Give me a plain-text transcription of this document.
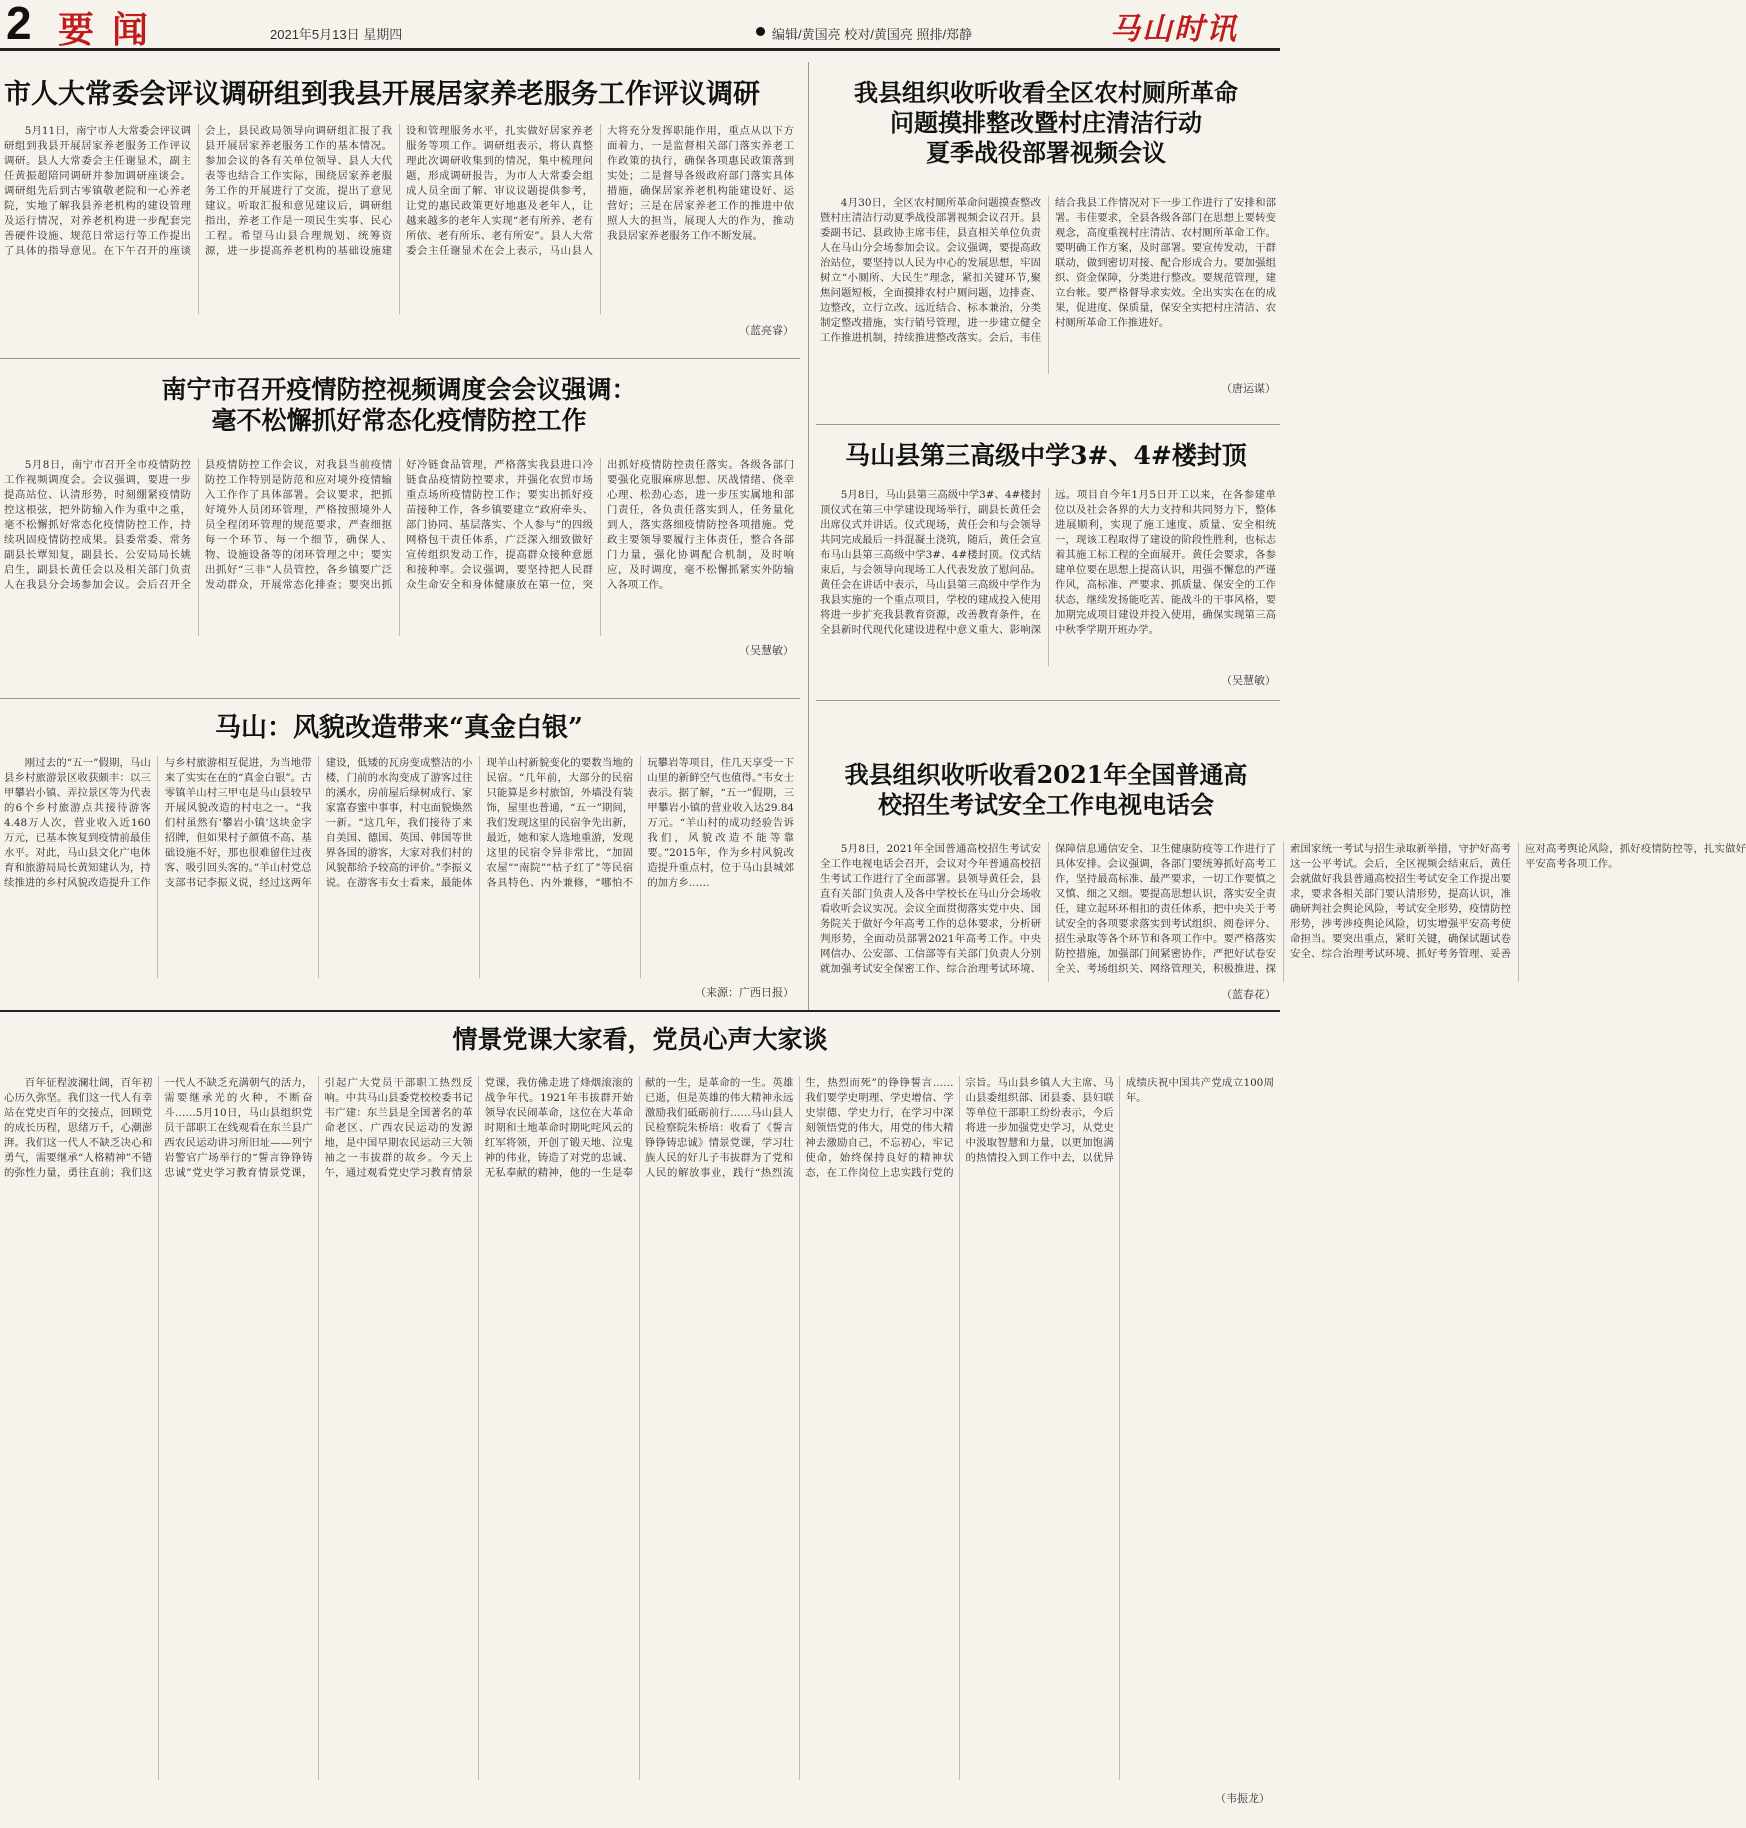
2 要闻	2021年5月13日 星期四	编辑/黄国亮 校对/黄国亮 照排/郑静	马山时讯
市人大常委会评议调研组到我县开展居家养老服务工作评议调研
5月11日，南宁市人大常委会评议调研组到我县开展居家养老服务工作评议调研。县人大常委会主任谢显术，副主任黄振超陪同调研并参加调研座谈会。调研组先后到古零镇敬老院和一心养老院，实地了解我县养老机构的建设管理及运行情况，对养老机构进一步配套完善硬件设施、规范日常运行等工作提出了具体的指导意见。在下午召开的座谈会上，县民政局领导向调研组汇报了我县开展居家养老服务工作的基本情况。参加会议的各有关单位领导、县人大代表等也结合工作实际，围绕居家养老服务工作的开展进行了交流，提出了意见建议。听取汇报和意见建议后，调研组指出，养老工作是一项民生实事、民心工程。希望马山县合理规划、统筹资源，进一步提高养老机构的基础设施建设和管理服务水平，扎实做好居家养老服务等项工作。调研组表示，将认真整理此次调研收集到的情况，集中梳理问题，形成调研报告，为市人大常委会组成人员全面了解、审议议题提供参考，让党的惠民政策更好地惠及老年人，让越来越多的老年人实现“老有所养、老有所依、老有所乐、老有所安”。县人大常委会主任谢显术在会上表示，马山县人大将充分发挥职能作用，重点从以下方面着力，一是监督相关部门落实养老工作政策的执行，确保各项惠民政策落到实处；二是督导各级政府部门落实具体措施，确保居家养老机构能建设好、运营好；三是在居家养老工作的推进中依照人大的担当，展现人大的作为，推动我县居家养老服务工作不断发展。
（蓝亮睿）
我县组织收听收看全区农村厕所革命
问题摸排整改暨村庄清洁行动
夏季战役部署视频会议
4月30日，全区农村厕所革命问题摸查整改暨村庄清洁行动夏季战役部署视频会议召开。县委副书记、县政协主席韦佳，县直相关单位负责人在马山分会场参加会议。会议强调，要提高政治站位，要坚持以人民为中心的发展思想，牢固树立“小厕所、大民生”理念，紧扣关键环节,聚焦问题短板，全面摸排农村户厕问题，边排查、边整改，立行立改、远近结合、标本兼治，分类制定整改措施，实行销号管理，进一步建立健全工作推进机制，持续推进整改落实。会后，韦佳结合我县工作情况对下一步工作进行了安排和部署。韦佳要求，全县各级各部门在思想上要转变观念，高度重视村庄清洁、农村厕所革命工作。要明确工作方案，及时部署。要宣传发动，干群联动，做到密切对接、配合形成合力。要加强组织、资金保障，分类进行整改。要规范管理，建立台帐。要严格督导求实效。全出实实在在的成果，促进度、保质量，保安全实把村庄清洁、农村厕所革命工作推进好。
（唐运谋）
南宁市召开疫情防控视频调度会会议强调：
毫不松懈抓好常态化疫情防控工作
5月8日，南宁市召开全市疫情防控工作视频调度会。会议强调，要进一步提高站位、认清形势，时刻绷紧疫情防控这根弦，把外防输入作为重中之重，毫不松懈抓好常态化疫情防控工作，持续巩固疫情防控成果。县委常委、常务副县长覃知复，副县长、公安局局长姚启生，副县长黄任会以及相关部门负责人在我县分会场参加会议。会后召开全县疫情防控工作会议，对我县当前疫情防控工作特别是防范和应对境外疫情输入工作作了具体部署。会议要求，把抓好境外人员闭环管理，严格按照境外人员全程闭环管理的规范要求，严查细抠每一个环节、每一个细节，确保人、物、设施设备等的闭环管理之中；要实出抓好“三非”人员管控，各乡镇要广泛发动群众，开展常态化排查；要突出抓好冷链食品管理，严格落实我县进口冷链食品疫情防控要求，并强化农贸市场重点场所疫情防控工作；要实出抓好疫苗接种工作，各乡镇要建立“政府牵头、部门协同、基层落实、个人参与”的四级网格包干责任体系，广泛深入细致做好宣传组织发动工作，提高群众接种意愿和接种率。会议强调，要坚持把人民群众生命安全和身体健康放在第一位，突出抓好疫情防控责任落实。各级各部门要强化克服麻痹思想、厌战情绪、侥幸心理、松劲心态，进一步压实属地和部门责任，各负责任落实到人，任务量化到人，落实落细疫情防控各项措施。党政主要领导要履行主体责任，整合各部门力量，强化协调配合机制，及时响应，及时调度，毫不松懈抓紧实外防输入各项工作。
（吴慧敏）
马山县第三高级中学3#、4#楼封顶
5月8日，马山县第三高级中学3#、4#楼封顶仪式在第三中学建设现场举行，副县长黄任会出席仪式并讲话。仪式现场，黄任会和与会领导共同完成最后一抖混凝土浇筑，随后，黄任会宣布马山县第三高级中学3#、4#楼封顶。仪式结束后，与会领导向现场工人代表发放了慰问品。黄任会在讲话中表示，马山县第三高级中学作为我县实施的一个重点项目，学校的建成投入使用将进一步扩充我县教育资源，改善教育条件，在全县新时代现代化建设进程中意义重大、影响深远。项目自今年1月5日开工以来，在各参建单位以及社会各界的大力支持和共同努力下，整体进展顺利，实现了施工速度、质量、安全相统一，现该工程取得了建设的阶段性胜利，也标志着其施工标工程的全面展开。黄任会要求，各参建单位要在思想上提高认识，用强不懈怠的严谨作风，高标准、严要求、抓质量、保安全的工作状态，继续发扬能吃苦、能战斗的干事风格，要加期完成项目建设并投入使用，确保实现第三高中秋季学期开班办学。
（吴慧敏）
马山：风貌改造带来“真金白银”
刚过去的“五一”假期，马山县乡村旅游景区收获颇丰：以三甲攀岩小镇、弄拉景区等为代表的6个乡村旅游点共接待游客4.48万人次，营业收入近160万元，已基本恢复到疫情前最佳水平。对此，马山县文化广电体育和旅游局局长黄知建认为，持续推进的乡村风貌改造提升工作与乡村旅游相互促进，为当地带来了实实在在的“真金白银”。古零镇羊山村三甲屯是马山县较早开展风貌改造的村屯之一。“我们村虽然有‘攀岩小镇’这块金字招牌，但如果村子颜值不高、基础设施不好，那也很难留住过夜客、吸引回头客的。”羊山村党总支部书记李振义说，经过这两年建设，低矮的瓦房变成整洁的小楼，门前的水沟变成了游客过往的溪水，房前屋后绿树成行、家家富春蜜中事事，村屯面貌焕然一新。“这几年，我们接待了来自美国、德国、英国、韩国等世界各国的游客，大家对我们村的风貌都给予较高的评价。”李振义说。在游客韦女士看来，最能体现羊山村新貌变化的要数当地的民宿。“几年前，大部分的民宿只能算是乡村旅馆，外墙没有装饰，屋里也普通，“五一”期间，我们发现这里的民宿争先出新，最近，她和家人选地重游，发现这里的民宿令异非常比，“加固农屋”“南院”“枯子红了”等民宿各具特色、内外兼修，“哪怕不玩攀岩等项目，住几天享受一下山里的新鲜空气也值得。”韦女士表示。据了解，“五一”假期，三甲攀岩小镇的营业收入达29.84万元。“羊山村的成功经验告诉我们，风貌改造不能等靠要。”2015年，作为乡村风貌改造提升重点村，位于马山县城郊的加方乡……
（来源：广西日报）
我县组织收听收看2021年全国普通高
校招生考试安全工作电视电话会
5月8日，2021年全国普通高校招生考试安全工作电视电话会召开，会议对今年普通高校招生考试工作进行了全面部署。县领导黄任会，县直有关部门负责人及各中学校长在马山分会场收看收听会议实况。会议全面贯彻落实党中央、国务院关于做好今年高考工作的总体要求，分析研判形势，全面动员部署2021年高考工作。中央网信办、公安部、工信部等有关部门负责人分别就加强考试安全保密工作、综合治理考试环境、保障信息通信安全、卫生健康防疫等工作进行了具体安排。会议强调，各部门要统筹抓好高考工作，坚持最高标准、最严要求，一切工作要慎之又慎、细之又细。要提高思想认识，落实安全责任，建立起环环相扣的责任体系，把中央关于考试安全的各项要求落实到考试组织、阅卷评分、招生录取等各个环节和各项工作中。要严格落实防控措施，加强部门间紧密协作，严把好试卷安全关、考场组织关、网络管理关，积极推进、探索国家统一考试与招生录取新举措，守护好高考这一公平考试。会后，全区视频会结束后，黄任会就做好我县普通高校招生考试安全工作提出要求，要求各相关部门要认清形势，提高认识，准确研判社会舆论风险，考试安全形势，疫情防控形势，涉考涉疫舆论风险，切实增强平安高考使命担当。要突出重点，紧盯关键，确保试题试卷安全、综合治理考试环境、抓好考务管理、妥善应对高考舆论风险，抓好疫情防控等，扎实做好平安高考各项工作。
（蓝春花）
情景党课大家看，党员心声大家谈
百年征程波澜壮阔，百年初心历久弥坚。我们这一代人有幸站在党史百年的交接点，回顾党的成长历程，思绪万千，心潮澎湃。我们这一代人不缺乏决心和勇气，需要继承“人格精神”不错的弥性力量，勇往直前；我们这一代人不缺乏充满朝气的活力，需要继承光的火种，不断奋斗……5月10日，马山县组织党员干部职工在线观看在东兰县广西农民运动讲习所旧址——列宁岩警官广场举行的“誓言铮铮铸忠诚”党史学习教育情景党课，引起广大党员干部职工热烈反响。中共马山县委党校校委书记韦广建：东兰县是全国著名的革命老区、广西农民运动的发源地，是中国早期农民运动三大领袖之一韦拔群的故乡。今天上午，通过观看党史学习教育情景党课，我仿佛走进了烽烟滚滚的战争年代。1921年韦拔群开始领导农民闹革命，这位在大革命时期和土地革命时期叱咤风云的红军将领，开创了锻天地、泣鬼神的伟业，铸造了对党的忠诚、无私奉献的精神，他的一生是奉献的一生，是革命的一生。英雄已逝，但是英雄的伟大精神永远激励我们砥砺前行……马山县人民检察院朱桥培：收看了《誓言铮铮铸忠诚》情景党课，学习壮族人民的好儿子韦拔群为了党和人民的解放事业，践行“热烈流生，热烈而死”的铮铮誓言……我们要学史明理、学史增信、学史崇德、学史力行，在学习中深刻领悟党的伟大，用党的伟大精神去激励自己，不忘初心，牢记使命，始终保持良好的精神状态，在工作岗位上忠实践行党的宗旨。马山县乡镇人大主席、马山县委组织部、团县委、县妇联等单位干部职工纷纷表示，今后将进一步加强党史学习，从党史中汲取智慧和力量，以更加饱满的热情投入到工作中去，以优异成绩庆祝中国共产党成立100周年。
（韦振龙）
